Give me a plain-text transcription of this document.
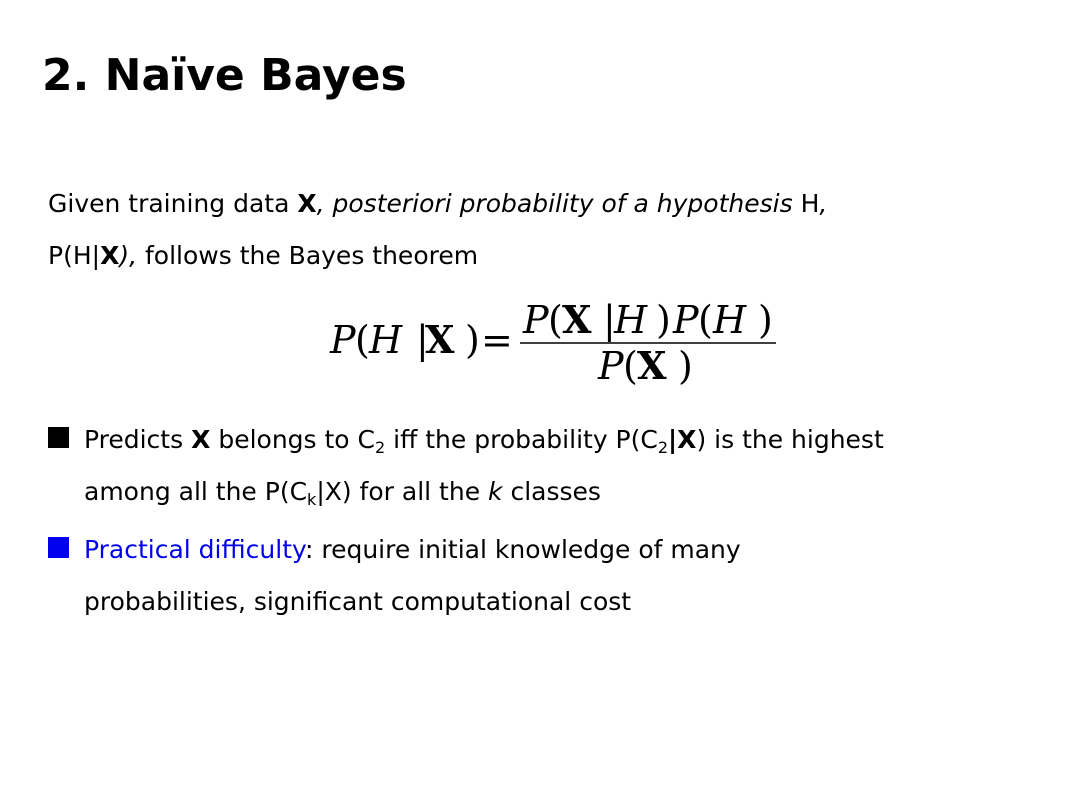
2. Naïve Bayes
Given training data X, posteriori probability of a hypothesis H,
P(H|X), follows the Bayes theorem
P ( H |
X ) = P ( X |
H ) P ( H )
P ( X )
Predicts X belongs to $C_2$ iff the probability $P(C_2|X)$ is the highest
among all the $P(C_k|X)$ for all the k classes
Practical difficulty: require initial knowledge of many
probabilities, significant computational cost
